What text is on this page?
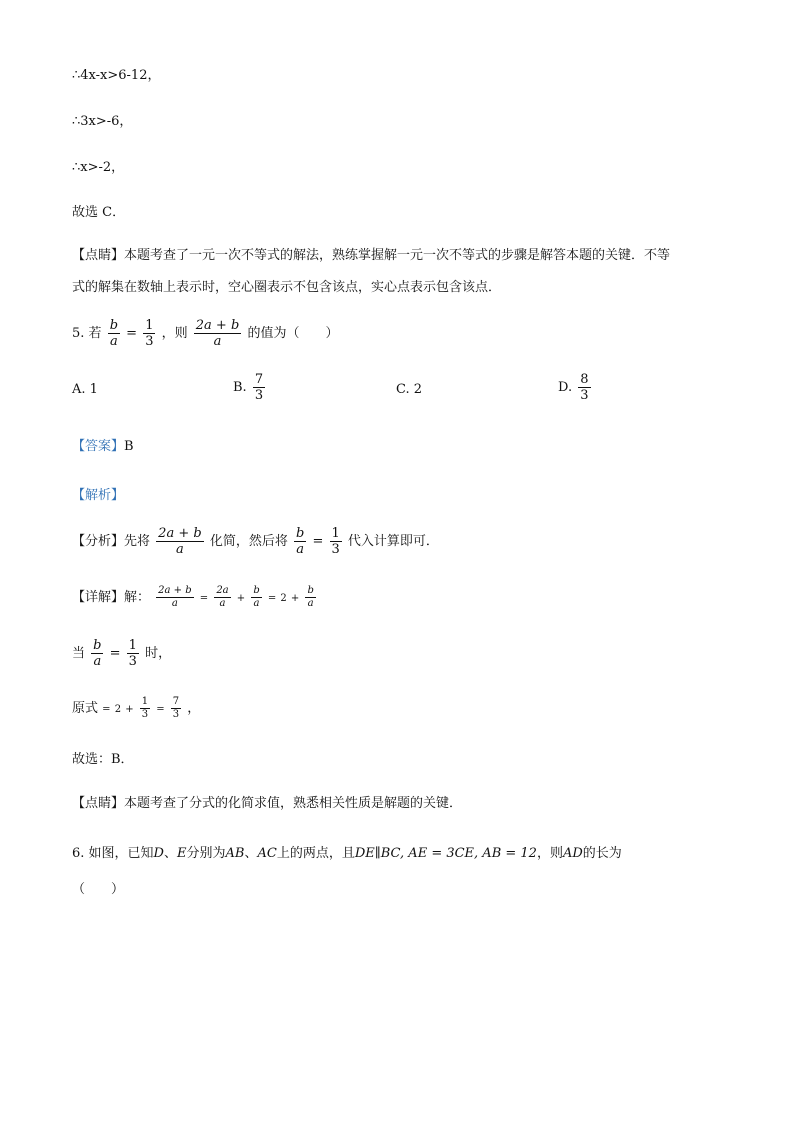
∴4x-x>6-12，
∴3x>-6，
∴x>-2，
故选 C．
【点睛】本题考查了一元一次不等式的解法，熟练掌握解一元一次不等式的步骤是解答本题的关键．不等
式的解集在数轴上表示时，空心圈表示不包含该点，实心点表示包含该点．
5. 若 $\frac{b}{a} = \frac{1}{3}$ ，则 $\frac{2a + b}{a}$ 的值为（　　）
A. 1	B. $\frac{7}{3}$	C. 2	D. $\frac{8}{3}$
【答案】B
【解析】
【分析】先将 $\frac{2a + b}{a}$ 化简，然后将 $\frac{b}{a} = \frac{1}{3}$ 代入计算即可．
【详解】解： $\frac{2a + b}{a} = \frac{2a}{a} + \frac{b}{a} = 2 + \frac{b}{a}$
当 $\frac{b}{a} = \frac{1}{3}$ 时，
原式 = $2 + \frac{1}{3} = \frac{7}{3}$ ，
故选：B．
【点睛】本题考查了分式的化简求值，熟悉相关性质是解题的关键．
6. 如图，已知D、E分别为AB、AC上的两点，且DE∥BC, AE = 3CE, AB = 12，则AD的长为
（　　）
